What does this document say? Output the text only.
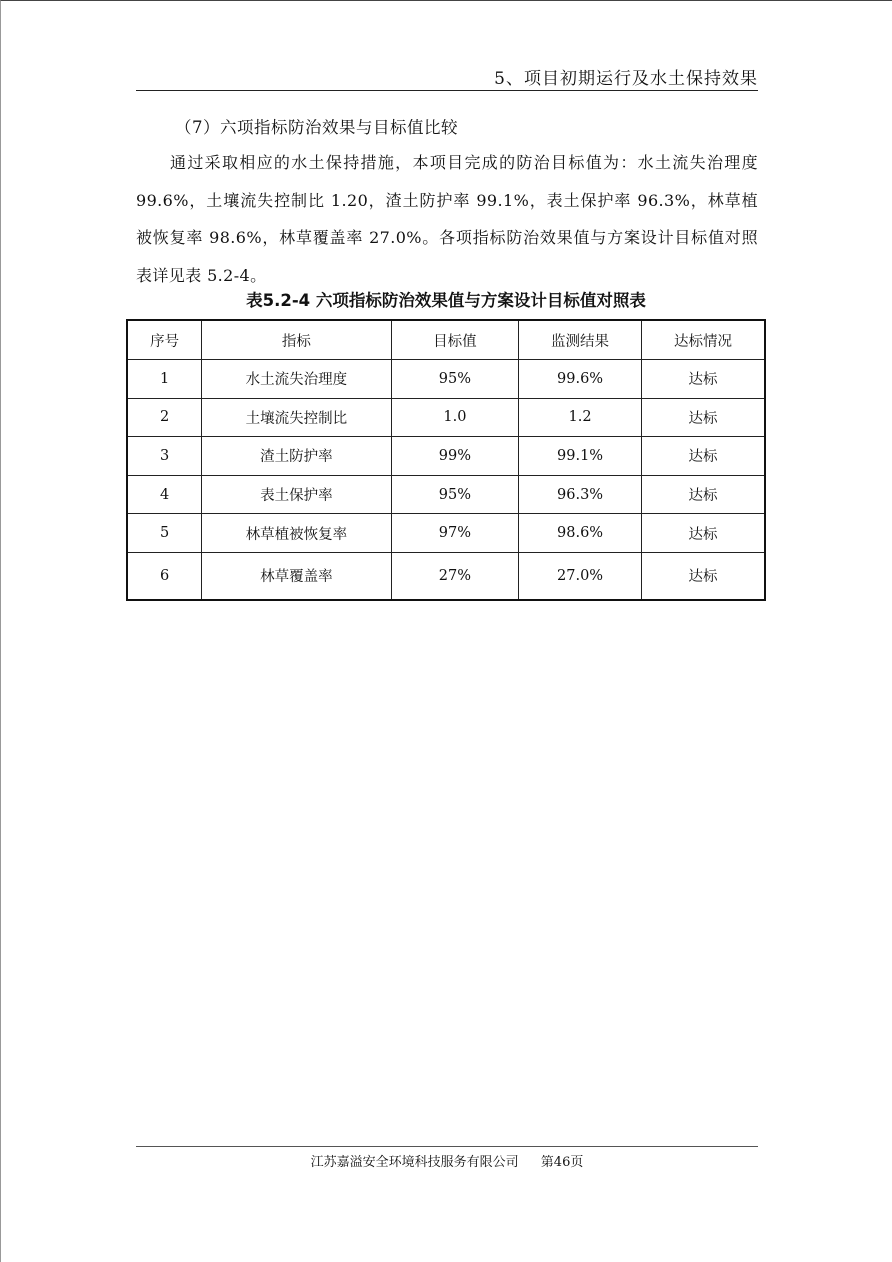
5、项目初期运行及水土保持效果
（7）六项指标防治效果与目标值比较

通过采取相应的水土保持措施，本项目完成的防治目标值为：水土流失治理度 99.6%，土壤流失控制比 1.20，渣土防护率 99.1%，表土保护率 96.3%，林草植被恢复率 98.6%，林草覆盖率 27.0%。各项指标防治效果值与方案设计目标值对照表详见表 5.2-4。

表5.2-4 六项指标防治效果值与方案设计目标值对照表
序号	指标	目标值	监测结果	达标情况
1	水土流失治理度	95%	99.6%	达标
2	土壤流失控制比	1.0	1.2	达标
3	渣土防护率	99%	99.1%	达标
4	表土保护率	95%	96.3%	达标
5	林草植被恢复率	97%	98.6%	达标
6	林草覆盖率	27%	27.0%	达标
江苏嘉溢安全环境科技服务有限公司 第46页
